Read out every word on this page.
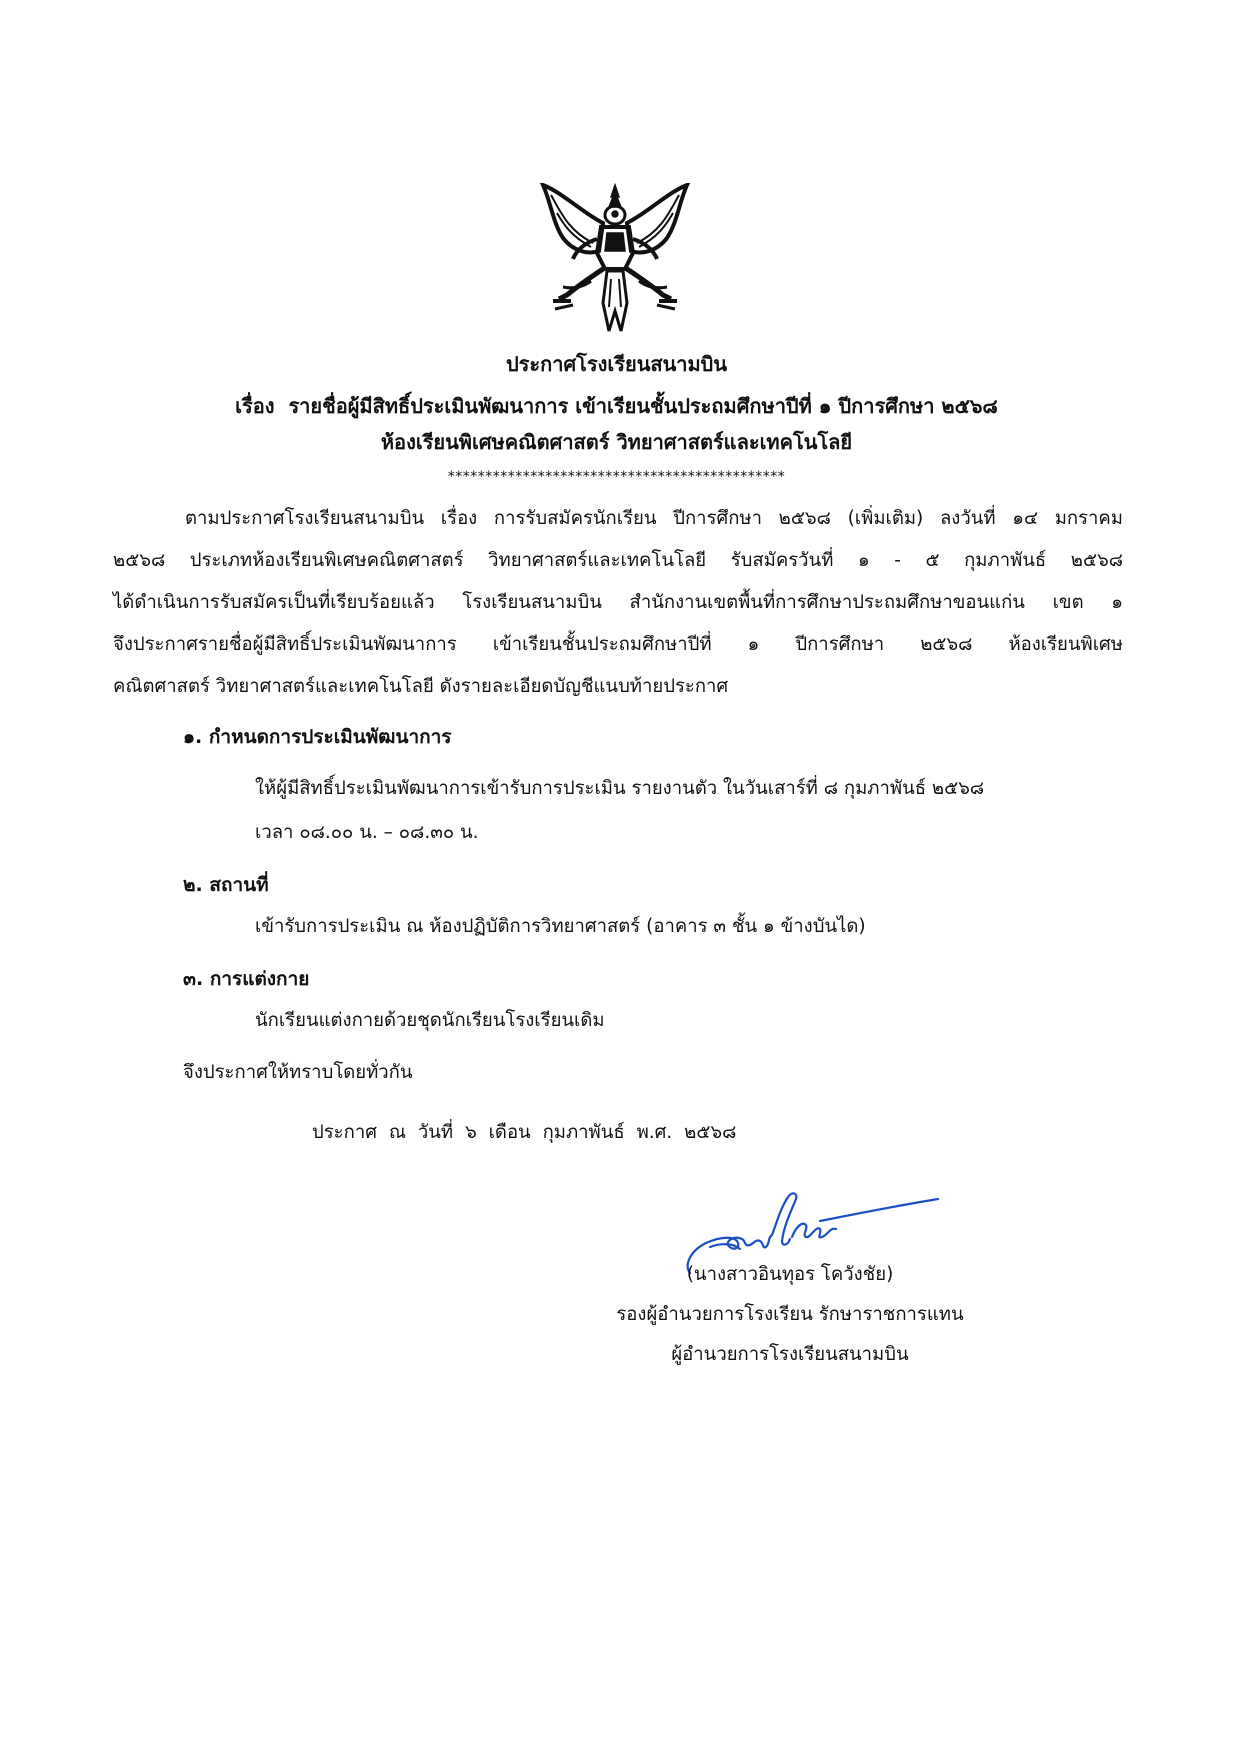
ประกาศโรงเรียนสนามบิน
เรื่อง รายชื่อผู้มีสิทธิ์ประเมินพัฒนาการ เข้าเรียนชั้นประถมศึกษาปีที่ ๑ ปีการศึกษา ๒๕๖๘
ห้องเรียนพิเศษคณิตศาสตร์ วิทยาศาสตร์และเทคโนโลยี
*********************************************
ตามประกาศโรงเรียนสนามบิน เรื่อง การรับสมัครนักเรียน ปีการศึกษา ๒๕๖๘ (เพิ่มเติม) ลงวันที่ ๑๔ มกราคม
๒๕๖๘ ประเภทห้องเรียนพิเศษคณิตศาสตร์ วิทยาศาสตร์และเทคโนโลยี รับสมัครวันที่ ๑ - ๕ กุมภาพันธ์ ๒๕๖๘
ได้ดำเนินการรับสมัครเป็นที่เรียบร้อยแล้ว โรงเรียนสนามบิน สำนักงานเขตพื้นที่การศึกษาประถมศึกษาขอนแก่น เขต ๑
จึงประกาศรายชื่อผู้มีสิทธิ์ประเมินพัฒนาการ เข้าเรียนชั้นประถมศึกษาปีที่ ๑ ปีการศึกษา ๒๕๖๘ ห้องเรียนพิเศษ
คณิตศาสตร์ วิทยาศาสตร์และเทคโนโลยี ดังรายละเอียดบัญชีแนบท้ายประกาศ
๑. กำหนดการประเมินพัฒนาการ
ให้ผู้มีสิทธิ์ประเมินพัฒนาการเข้ารับการประเมิน รายงานตัว ในวันเสาร์ที่ ๘ กุมภาพันธ์ ๒๕๖๘
เวลา ๐๘.๐๐ น. – ๐๘.๓๐ น.
๒. สถานที่
เข้ารับการประเมิน ณ ห้องปฏิบัติการวิทยาศาสตร์ (อาคาร ๓ ชั้น ๑ ข้างบันได)
๓. การแต่งกาย
นักเรียนแต่งกายด้วยชุดนักเรียนโรงเรียนเดิม
จึงประกาศให้ทราบโดยทั่วกัน
ประกาศ ณ วันที่ ๖ เดือน กุมภาพันธ์ พ.ศ. ๒๕๖๘
(นางสาวอินทุอร โควังชัย)
รองผู้อำนวยการโรงเรียน รักษาราชการแทน
ผู้อำนวยการโรงเรียนสนามบิน
